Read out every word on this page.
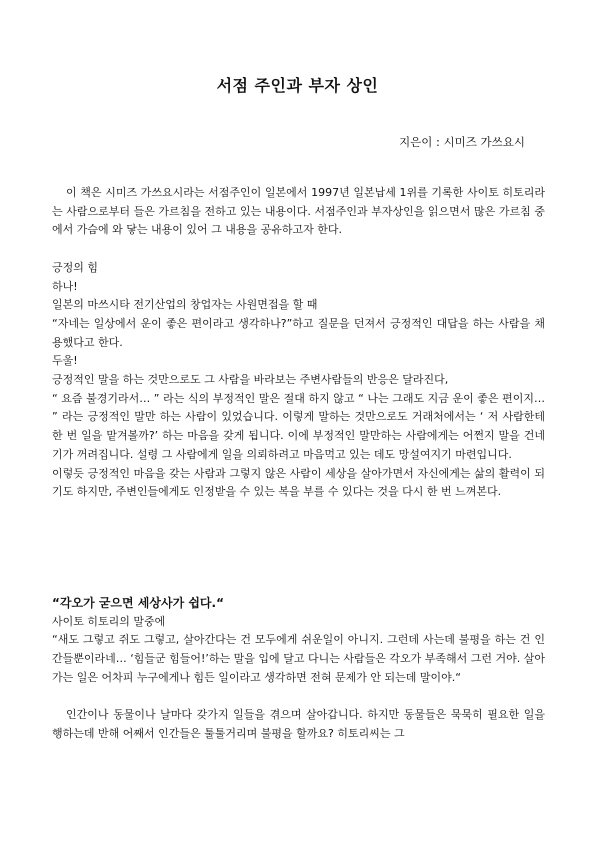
서점 주인과 부자 상인
지은이 : 시미즈 가쓰요시

이 책은 시미즈 가쓰요시라는 서점주인이 일본에서 1997년 일본납세 1위를 기록한 사이토 히토리라는 사람으로부터 들은 가르침을 전하고 있는 내용이다. 서점주인과 부자상인을 읽으면서 많은 가르침 중에서 가슴에 와 닿는 내용이 있어 그 내용을 공유하고자 한다.

긍정의 힘

하나!

일본의 마쓰시타 전기산업의 창업자는 사원면접을 할 때

“자네는 일상에서 운이 좋은 편이라고 생각하나?”하고 질문을 던져서 긍정적인 대답을 하는 사람을 채용했다고 한다.

두울!

긍정적인 말을 하는 것만으로도 그 사람을 바라보는 주변사람들의 반응은 달라진다,

“ 요즘 불경기라서… ” 라는 식의 부정적인 말은 절대 하지 않고 “ 나는 그래도 지금 운이 좋은 편이지… ” 라는 긍정적인 말만 하는 사람이 있었습니다. 이렇게 말하는 것만으로도 거래처에서는 ‘ 저 사람한테 한 번 일을 맡겨볼까?’ 하는 마음을 갖게 됩니다. 이에 부정적인 말만하는 사람에게는 어쩐지 말을 건네기가 꺼려집니다. 설령 그 사람에게 일을 의뢰하려고 마음먹고 있는 데도 망설여지기 마련입니다.

이렇듯 긍정적인 마음을 갖는 사람과 그렇지 않은 사람이 세상을 살아가면서 자신에게는 삶의 활력이 되기도 하지만, 주변인들에게도 인정받을 수 있는 복을 부를 수 있다는 것을 다시 한 번 느껴본다.

“각오가 굳으면 세상사가 쉽다.“

사이토 히토리의 말중에

“새도 그렇고 쥐도 그렇고, 살아간다는 건 모두에게 쉬운일이 아니지. 그런데 사는데 불평을 하는 건 인간들뿐이라네… ‘힘들군 힘들어!’하는 말을 입에 달고 다니는 사람들은 각오가 부족해서 그런 거야. 살아가는 일은 어차피 누구에게나 힘든 일이라고 생각하면 전혀 문제가 안 되는데 말이야.“

인간이나 동물이나 날마다 갖가지 일들을 겪으며 살아갑니다. 하지만 동물들은 묵묵히 필요한 일을 행하는데 반해 어째서 인간들은 툴툴거리며 불평을 할까요? 히토리씨는 그
